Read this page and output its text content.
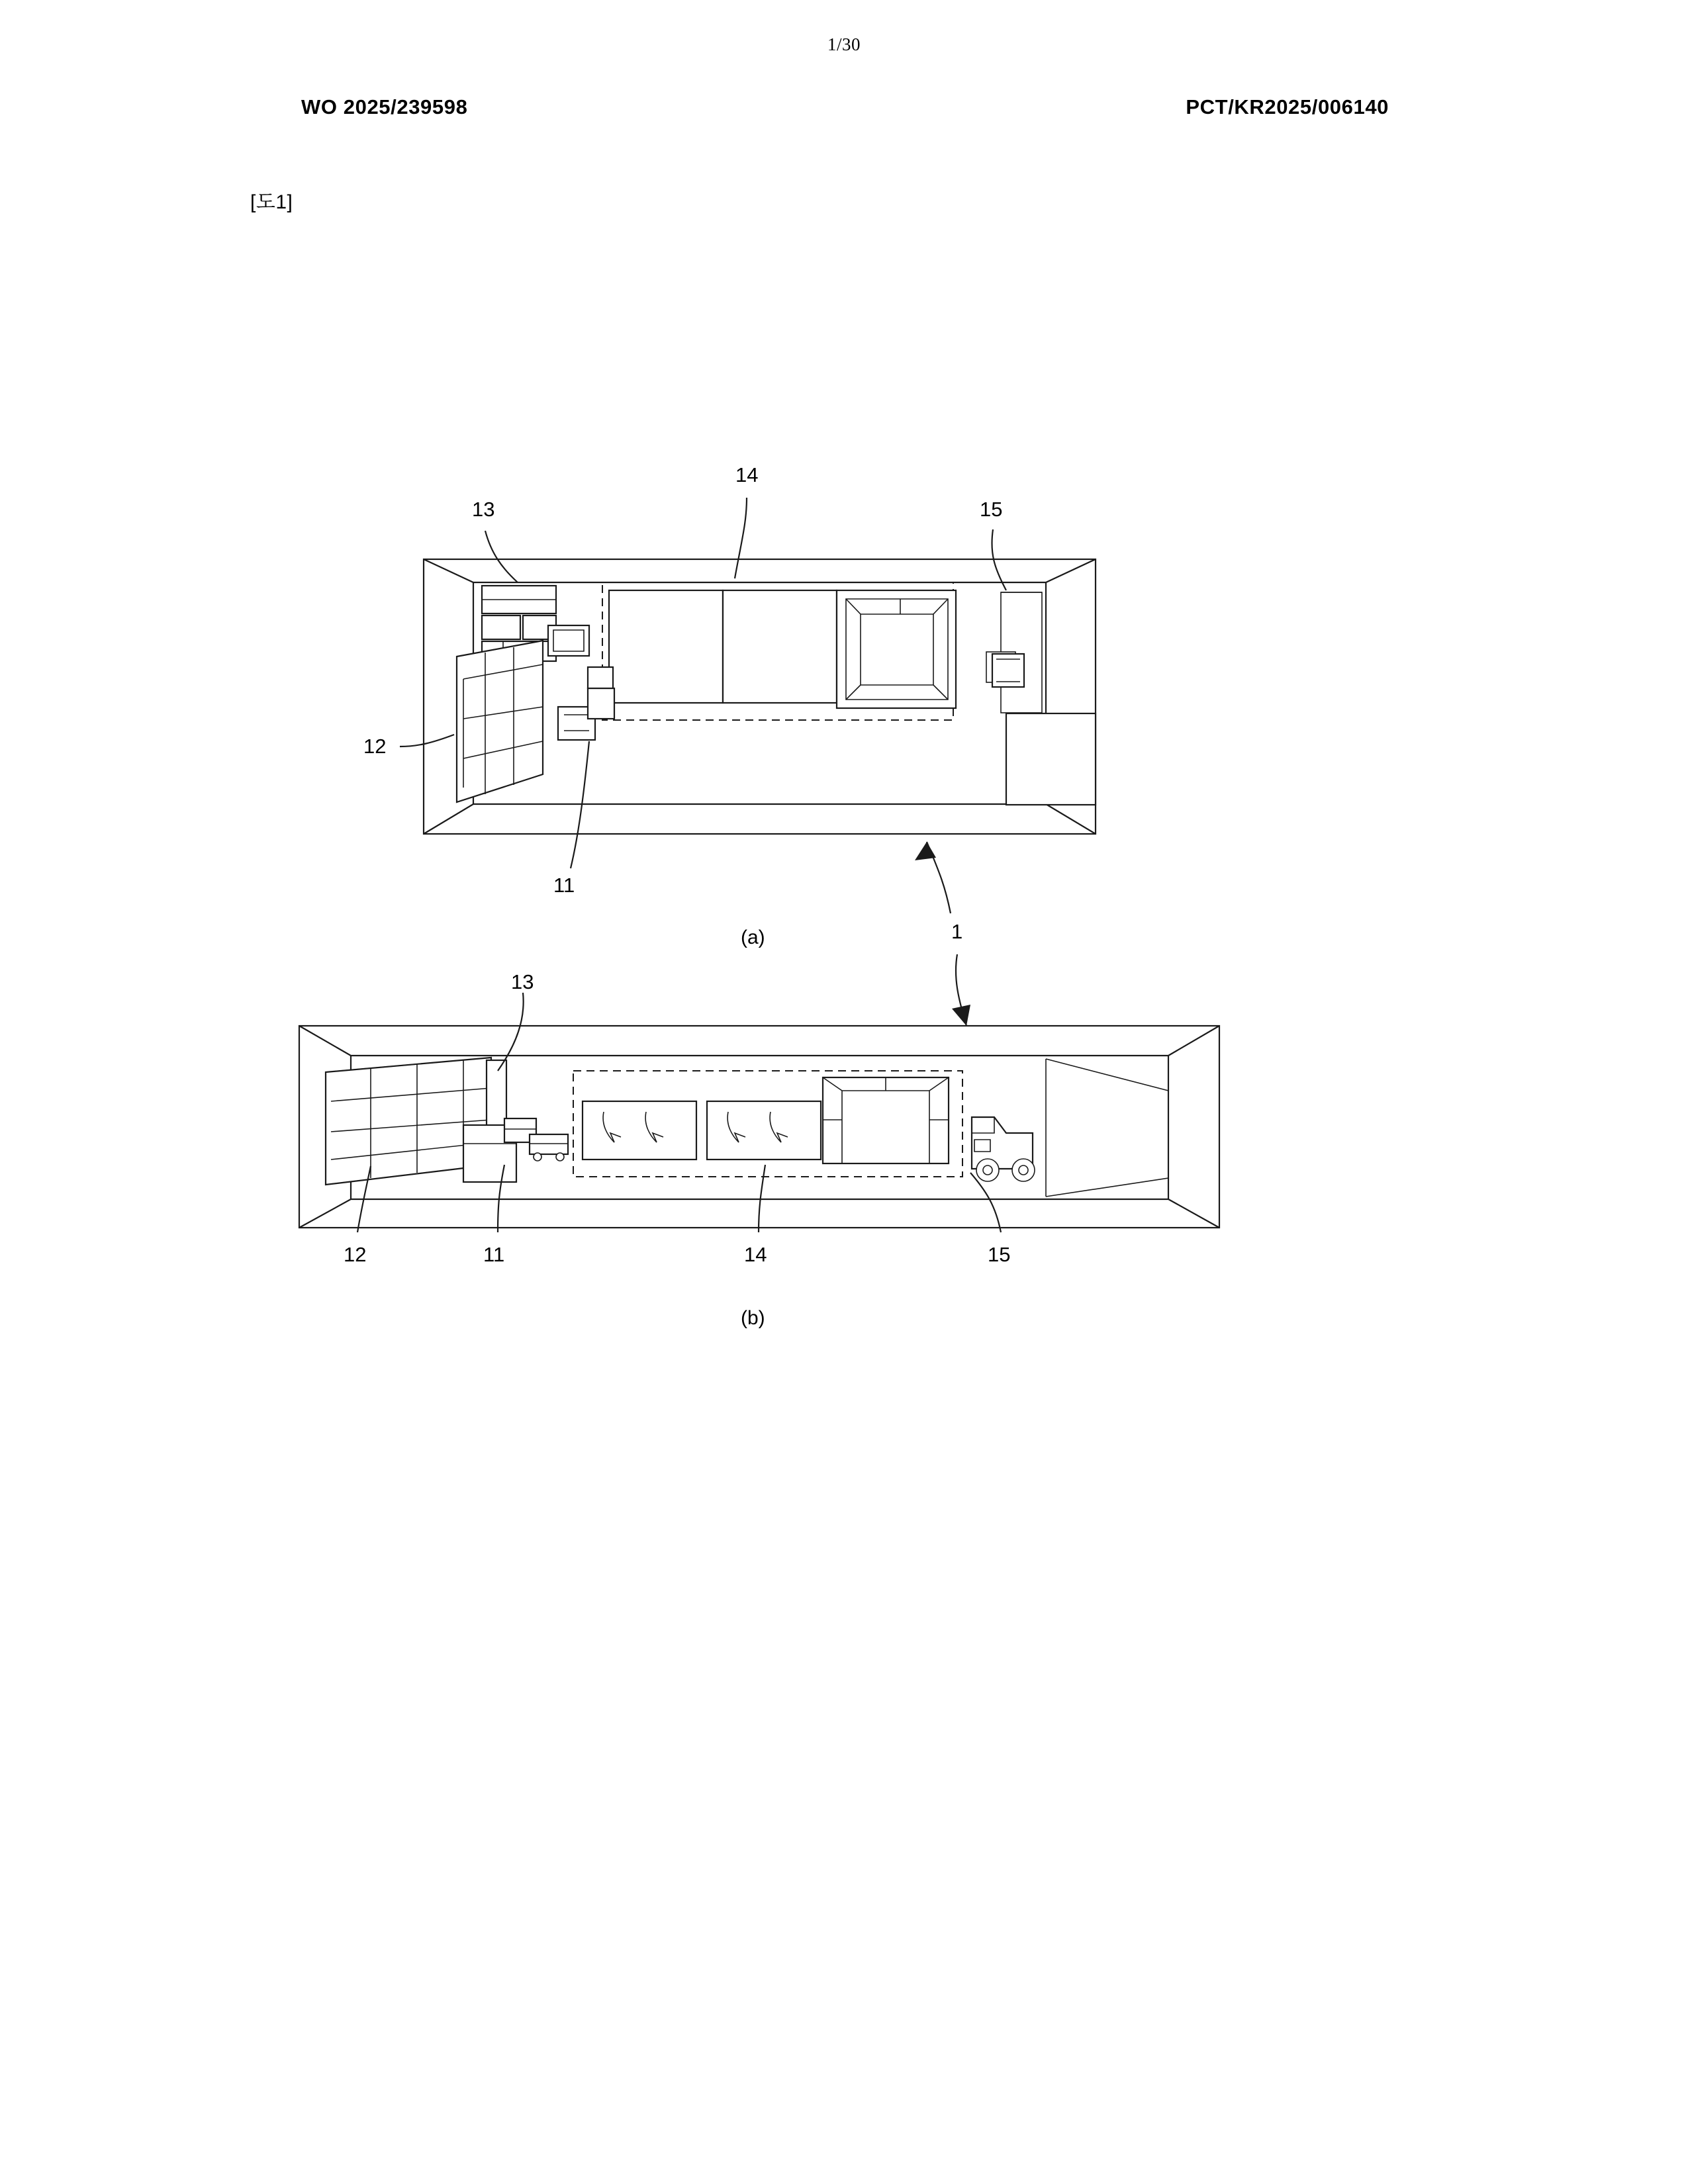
1/30
WO 2025/239598	PCT/KR2025/006140
[도1]
13
14
15
12
11
1
13
12	11	14	15
(a)
(b)
